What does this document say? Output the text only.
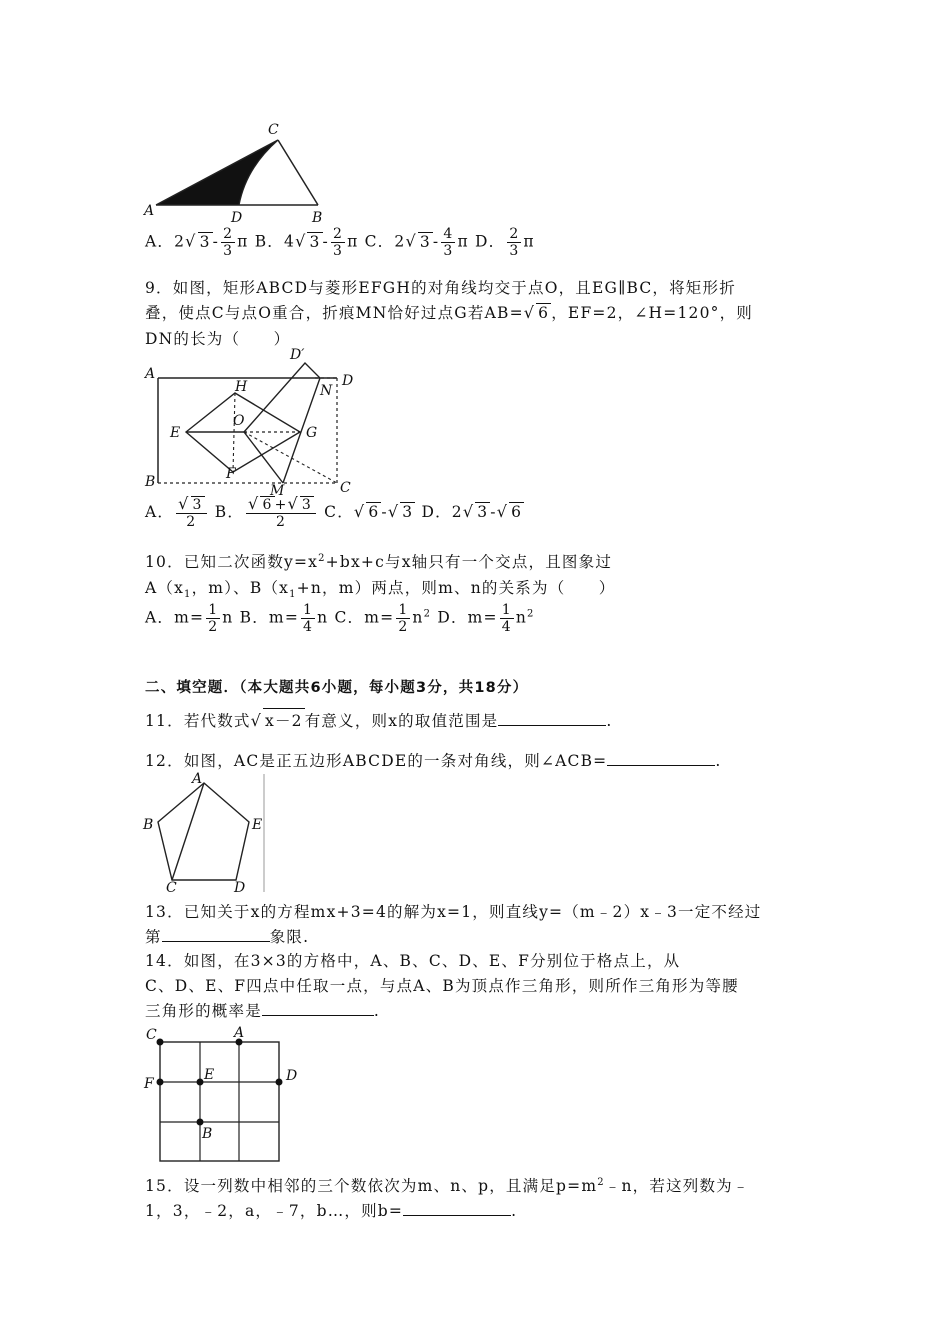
C
A	D	B
A．2√ $3 - \frac{2}{3}$ π B．4√ $3 - \frac{2}{3}$ π C．2√ $3 - \frac{4}{3}$ π D． $\frac{2}{3}$ π
9．如图，矩形ABCD与菱形EFGH的对角线均交于点O，且EG∥BC，将矩形折
叠，使点C与点O重合，折痕MN恰好过点G若AB=√ 6 ，EF=2，∠H=120°，则
DN的长为（　　）
A
D′
D
H	N
O
E	G
F
B
M	C
A． $\frac{√ 3}{2}$ B． $\frac{√ 6 +√ 3}{2}$ C．√ 6 -√ 3 D．2√ 3 -√ 6
10．已知二次函数$y=x^2+bx+c$与x轴只有一个交点，且图象过
$A(x_1$，m）、$B(x_1+n$，m）两点，则m、n的关系为（　　）
A．$m= \frac{1}{2}$ n B．$m= \frac{1}{4}$ n C．$m= \frac{1}{2} n^2$ D．$m= \frac{1}{4} n^2$
二、填空题．（本大题共6小题，每小题3分，共18分）
11．若代数式√ x－2 有意义，则x的取值范围是	.
12．如图，AC是正五边形ABCDE的一条对角线，则∠ACB=	.
A
B	E
C	D
13．已知关于x的方程mx+3=4的解为x=1，则直线y=（m﹣2）x﹣3一定不经过
第	象限.
14．如图，在3×3的方格中，A、B、C、D、E、F分别位于格点上，从
C、D、E、F四点中任取一点，与点A、B为顶点作三角形，则所作三角形为等腰
三角形的概率是	.
C	A
F
E	D
B
15．设一列数中相邻的三个数依次为m、n、p，且满足$p=m^2﹣n$，若这列数为﹣
1，3，﹣2，a，﹣7，b…，则b=	.
